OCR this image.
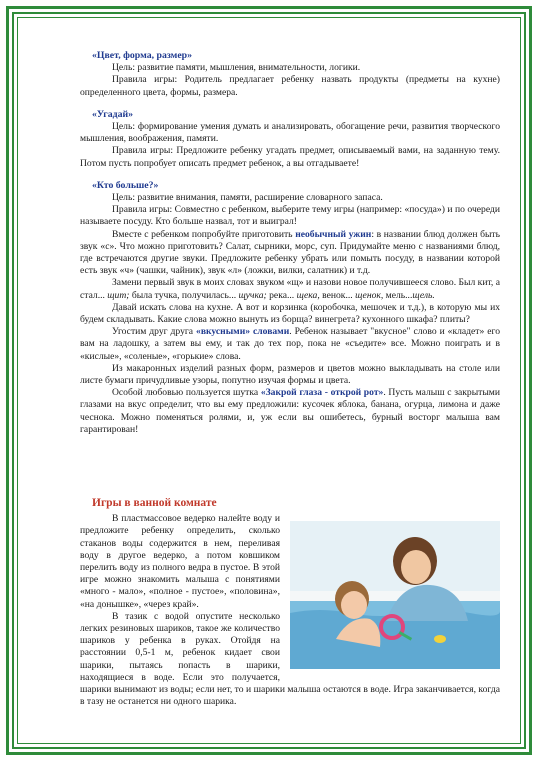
«Цвет, форма, размер»

Цель: развитие памяти, мышления, внимательности, логики.

Правила игры: Родитель предлагает ребенку назвать продукты (предметы на кухне) определенного цвета, формы, размера.

«Угадай»

Цель: формирование умения думать и анализировать, обогащение речи, развития творческого мышления, воображения, памяти.

Правила игры: Предложите ребенку угадать предмет, описываемый вами, на заданную тему. Потом пусть попробует описать предмет ребенок, а вы отгадываете!

«Кто больше?»

Цель: развитие внимания, памяти, расширение словарного запаса.

Правила игры: Совместно с ребенком, выберите тему игры (например: «посуда») и по очереди называете посуду. Кто больше назвал, тот и выиграл!

Вместе с ребенком попробуйте приготовить необычный ужин: в названии блюд должен быть звук «с». Что можно приготовить? Салат, сырники, морс, суп. Придумайте меню с названиями блюд, где встречаются другие звуки. Предложите ребенку убрать или помыть посуду, в названии которой есть звук «ч» (чашки, чайник), звук «л» (ложки, вилки, салатник) и т.д.

Замени первый звук в моих словах звуком «щ» и назови новое получившееся слово. Был кит, а стал... щит; была тучка, получилась... щучка; река... щека, венок... щенок, мель...щель.

Давай искать слова на кухне. А вот и корзинка (коробочка, мешочек и т.д.), в которую мы их будем складывать. Какие слова можно вынуть из борща? винегрета? кухонного шкафа? плиты?

Угостим друг друга «вкусными» словами. Ребенок называет "вкусное" слово и «кладет» его вам на ладошку, а затем вы ему, и так до тех пор, пока не «съедите» все. Можно поиграть и в «кислые», «соленые», «горькие» слова.

Из макаронных изделий разных форм, размеров и цветов можно выкладывать на столе или листе бумаги причудливые узоры, попутно изучая формы и цвета.

Особой любовью пользуется шутка «Закрой глаза - открой рот». Пусть малыш с закрытыми глазами на вкус определит, что вы ему предложили: кусочек яблока, банана, огурца, лимона и даже чеснока. Можно поменяться ролями, и, уж если вы ошибетесь, бурный восторг малыша вам гарантирован!

Игры в ванной комнате

В пластмассовое ведерко налейте воду и предложите ребенку определить, сколько стаканов воды содержится в нем, переливая воду в другое ведерко, а потом ковшиком перелить воду из полного ведра в пустое. В этой игре можно знакомить малыша с понятиями «много - мало», «полное - пустое», «половина», «на донышке», «через край».

В тазик с водой опустите несколько легких резиновых шариков, такое же количество шариков у ребенка в руках. Отойдя на расстоянии 0,5-1 м, ребенок кидает свои шарики, пытаясь попасть в шарики, находящиеся в воде. Если это получается, шарики вынимают из воды; если нет, то и шарики малыша остаются в воде. Игра заканчивается, когда в тазу не останется ни одного шарика.
